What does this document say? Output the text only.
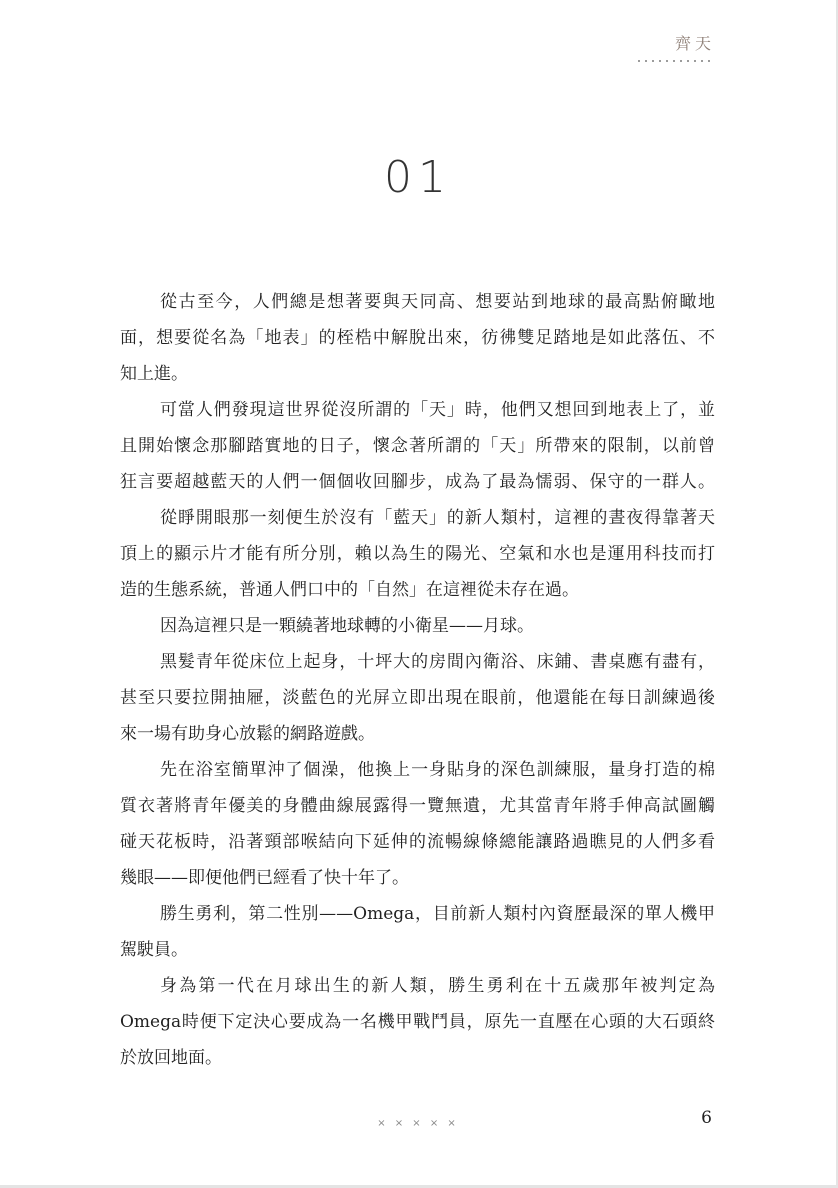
齊天
01
從古至今，人們總是想著要與天同高、想要站到地球的最高點俯瞰地
面，想要從名為「地表」的桎梏中解脫出來，彷彿雙足踏地是如此落伍、不
知上進。
可當人們發現這世界從沒所謂的「天」時，他們又想回到地表上了，並
且開始懷念那腳踏實地的日子，懷念著所謂的「天」所帶來的限制，以前曾
狂言要超越藍天的人們一個個收回腳步，成為了最為懦弱、保守的一群人。
從睜開眼那一刻便生於沒有「藍天」的新人類村，這裡的晝夜得靠著天
頂上的顯示片才能有所分別，賴以為生的陽光、空氣和水也是運用科技而打
造的生態系統，普通人們口中的「自然」在這裡從未存在過。
因為這裡只是一顆繞著地球轉的小衛星——月球。
黑髮青年從床位上起身，十坪大的房間內衛浴、床鋪、書桌應有盡有，
甚至只要拉開抽屜，淡藍色的光屏立即出現在眼前，他還能在每日訓練過後
來一場有助身心放鬆的網路遊戲。
先在浴室簡單沖了個澡，他換上一身貼身的深色訓練服，量身打造的棉
質衣著將青年優美的身體曲線展露得一覽無遺，尤其當青年將手伸高試圖觸
碰天花板時，沿著頸部喉結向下延伸的流暢線條總能讓路過瞧見的人們多看
幾眼——即便他們已經看了快十年了。
勝生勇利，第二性別——Omega，目前新人類村內資歷最深的單人機甲
駕駛員。
身為第一代在月球出生的新人類，勝生勇利在十五歲那年被判定為
Omega時便下定決心要成為一名機甲戰鬥員，原先一直壓在心頭的大石頭終
於放回地面。
× × × × ×	6
